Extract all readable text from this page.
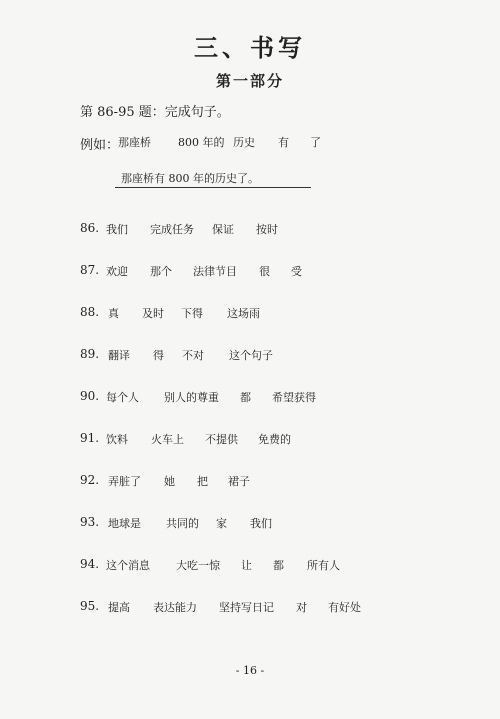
三、书写
第一部分
第 86-95 题：完成句子。
例如：
那座桥 800 年的 历史 有 了
那座桥有 800 年的历史了。
86. 我们 完成任务 保证 按时
87. 欢迎 那个 法律节目 很 受
88. 真 及时 下得 这场雨
89. 翻译 得 不对 这个句子
90. 每个人 别人的尊重 都 希望获得
91. 饮料 火车上 不提供 免费的
92. 弄脏了 她 把 裙子
93. 地球是 共同的 家 我们
94. 这个消息 大吃一惊 让 都 所有人
95. 提高 表达能力 坚持写日记 对 有好处
- 16 -
